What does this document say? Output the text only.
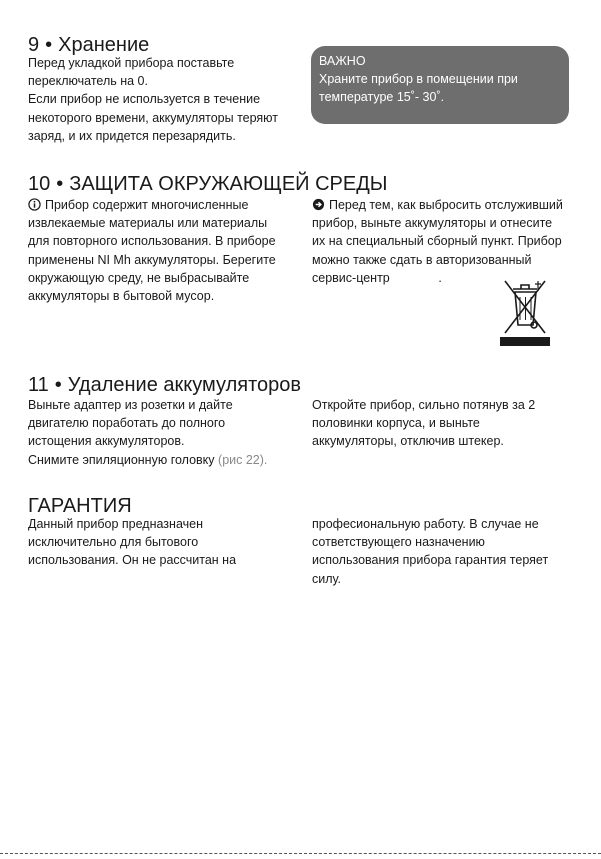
9 • Хранение

Перед укладкой прибора поставьте

переключатель на 0.

Если прибор не используется в течение

некоторого времени, аккумуляторы теряют

заряд, и их придется перезарядить.

ВАЖНО

Храните прибор в помещении при

температуре 15˚- 30˚.

10 • ЗАЩИТА ОКРУЖАЮЩЕЙ СРЕДЫ

Прибор содержит многочисленные

извлекаемые материалы или материалы

для повторного использования. В приборе

применены NI Mh аккумуляторы. Берегите

окружающую среду, не выбрасывайте

аккумуляторы в бытовой мусор.

Перед тем, как выбросить отслуживший

прибор, выньте аккумуляторы и отнесите

их на специальный сборный пункт. Прибор

можно также сдать в авторизованный

сервис-центр              .

11 • Удаление аккумуляторов

Выньте адаптер из розетки и дайте

двигателю поработать до полного

истощения аккумуляторов.

Снимите эпиляционную головку (рис 22).

Откройте прибор, сильно потянув за 2

половинки корпуса, и выньте

аккумуляторы, отключив штекер.

ГАРАНТИЯ

Данный прибор предназначен

исключительно для бытового

использования. Он не рассчитан на

професиональную работу. В случае не

сответствующего назначению

использования прибора гарантия теряет

силу.
